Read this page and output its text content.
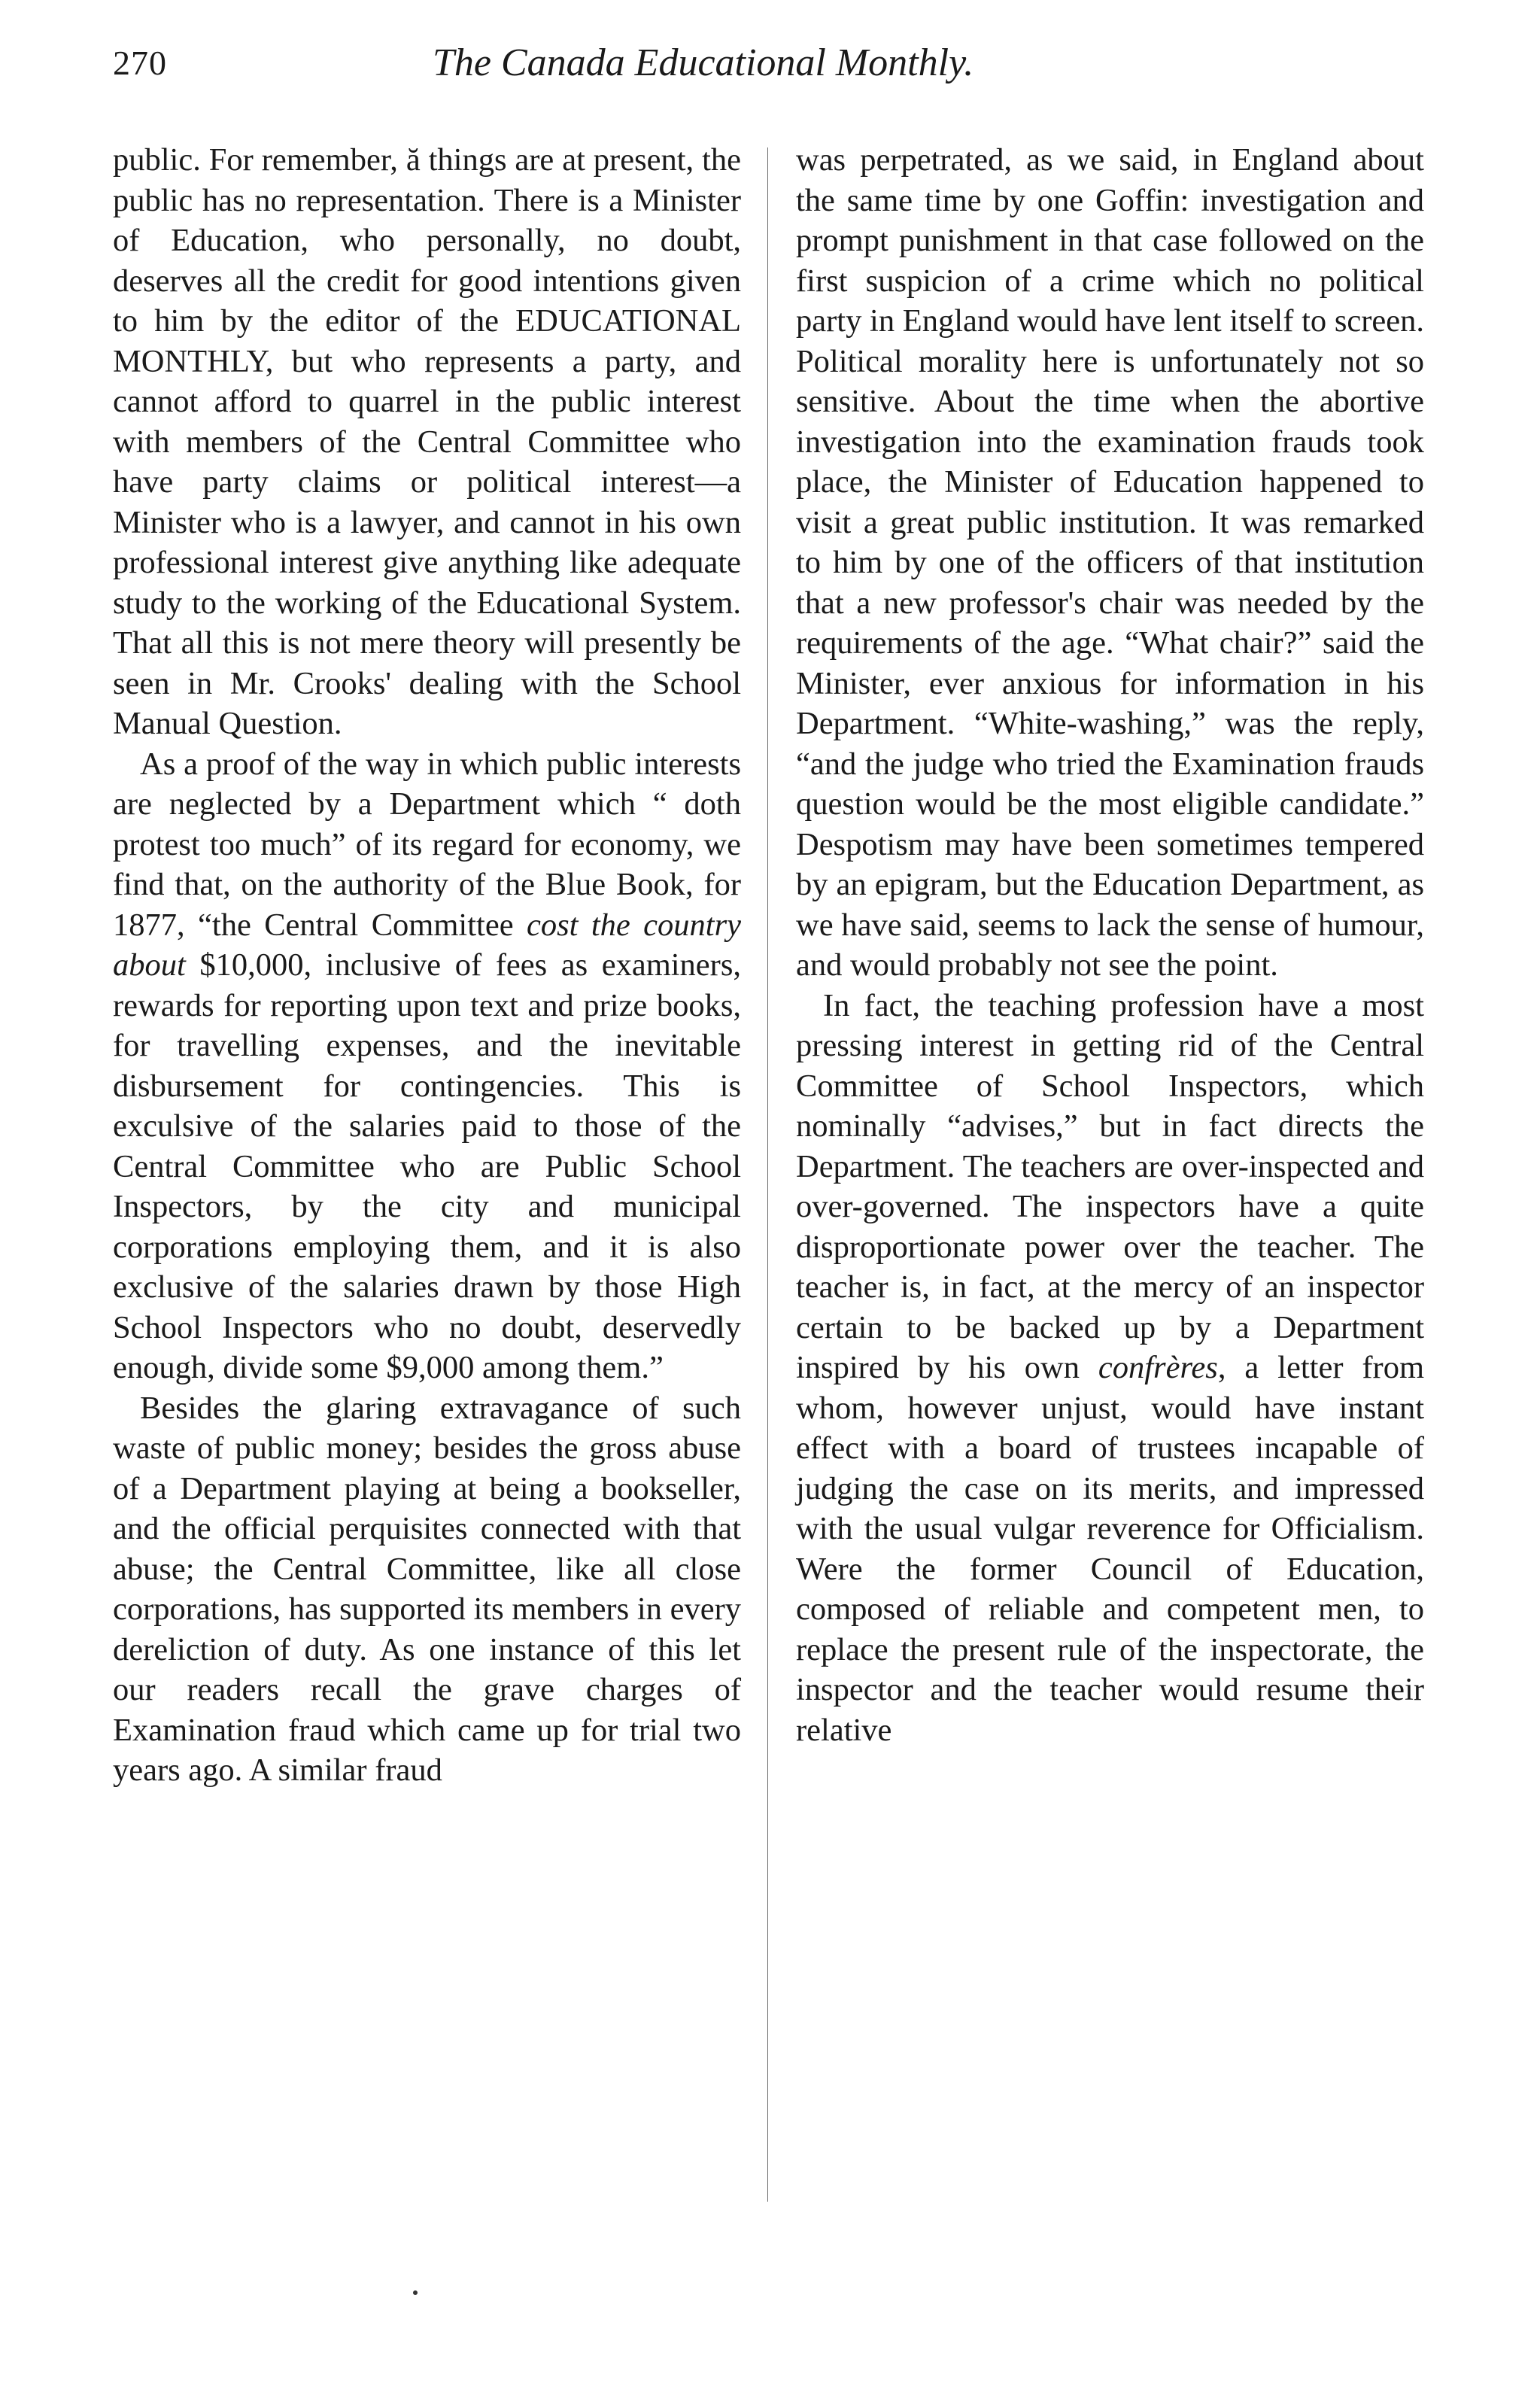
270	The Canada Educational Monthly.

public. For remember, ă things are at present, the public has no representation. There is a Minister of Education, who personally, no doubt, deserves all the credit for good intentions given to him by the editor of the EDUCATIONAL MONTHLY, but who represents a party, and cannot afford to quarrel in the public interest with members of the Central Committee who have party claims or political interest—a Minister who is a lawyer, and cannot in his own professional interest give anything like adequate study to the working of the Educational System. That all this is not mere theory will presently be seen in Mr. Crooks' dealing with the School Manual Question.

As a proof of the way in which public interests are neglected by a Department which “ doth protest too much” of its regard for economy, we find that, on the authority of the Blue Book, for 1877, “the Central Committee cost the country about $10,000, inclusive of fees as examiners, rewards for reporting upon text and prize books, for travelling expenses, and the inevitable disbursement for contingencies. This is exculsive of the salaries paid to those of the Central Committee who are Public School Inspectors, by the city and municipal corporations employing them, and it is also exclusive of the salaries drawn by those High School Inspectors who no doubt, deservedly enough, divide some $9,000 among them.”

Besides the glaring extravagance of such waste of public money; besides the gross abuse of a Department playing at being a bookseller, and the official perquisites connected with that abuse; the Central Committee, like all close corporations, has supported its members in every dereliction of duty. As one instance of this let our readers recall the grave charges of Examination fraud which came up for trial two years ago. A similar fraud

was perpetrated, as we said, in England about the same time by one Goffin: investigation and prompt punishment in that case followed on the first suspicion of a crime which no political party in England would have lent itself to screen. Political morality here is unfortunately not so sensitive. About the time when the abortive investigation into the examination frauds took place, the Minister of Education happened to visit a great public institution. It was remarked to him by one of the officers of that institution that a new professor's chair was needed by the requirements of the age. “What chair?” said the Minister, ever anxious for information in his Department. “White-washing,” was the reply, “and the judge who tried the Examination frauds question would be the most eligible candidate.” Despotism may have been sometimes tempered by an epigram, but the Education Department, as we have said, seems to lack the sense of humour, and would probably not see the point.

In fact, the teaching profession have a most pressing interest in getting rid of the Central Committee of School Inspectors, which nominally “advises,” but in fact directs the Department. The teachers are over-inspected and over-governed. The inspectors have a quite disproportionate power over the teacher. The teacher is, in fact, at the mercy of an inspector certain to be backed up by a Department inspired by his own confrères, a letter from whom, however unjust, would have instant effect with a board of trustees incapable of judging the case on its merits, and impressed with the usual vulgar reverence for Officialism. Were the former Council of Education, composed of reliable and competent men, to replace the present rule of the inspectorate, the inspector and the teacher would resume their relative
